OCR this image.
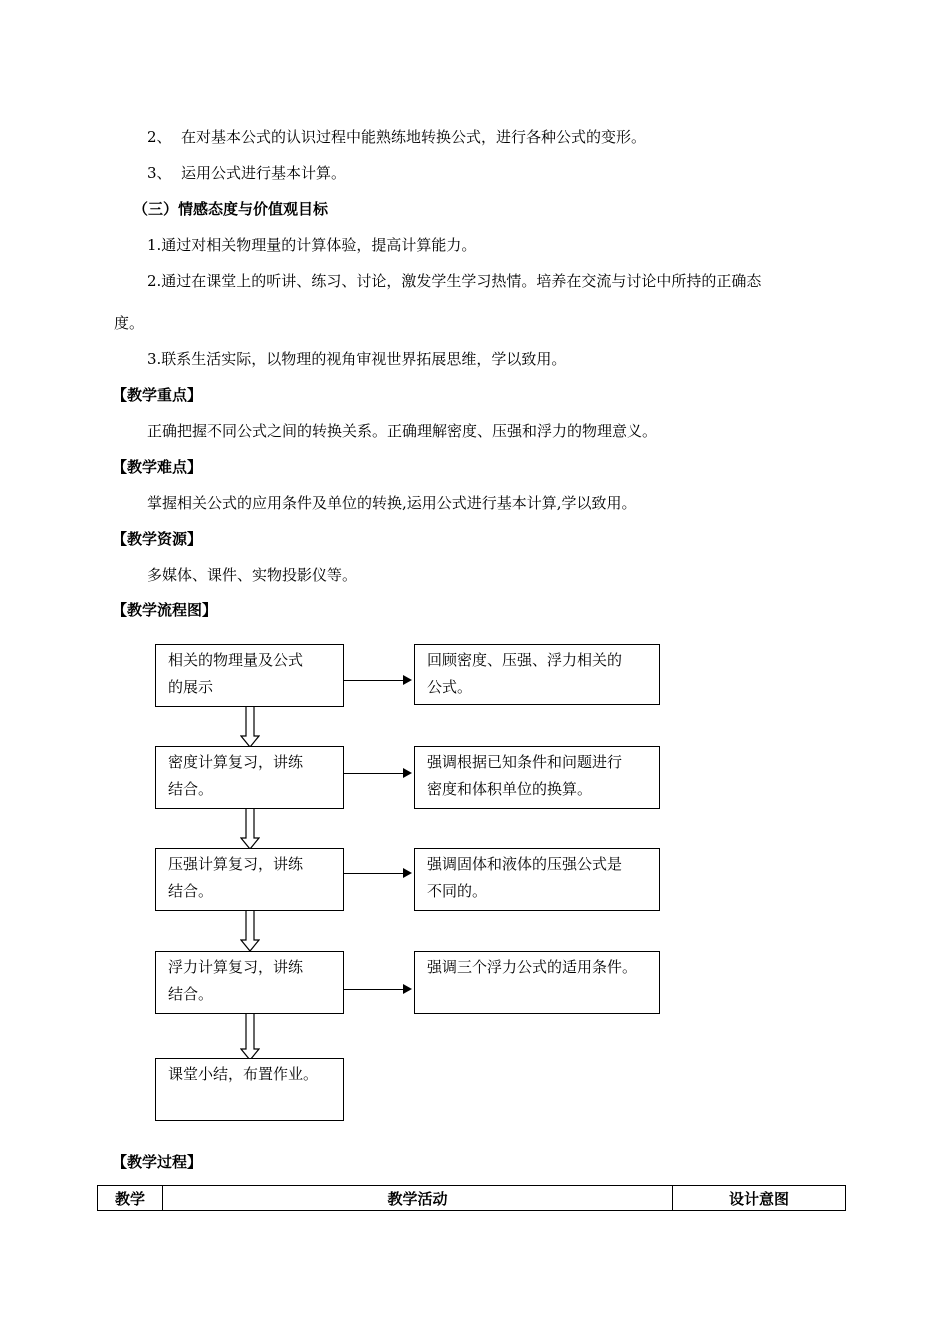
2、 在对基本公式的认识过程中能熟练地转换公式，进行各种公式的变形。
3、 运用公式进行基本计算。
（三）情感态度与价值观目标
1.通过对相关物理量的计算体验，提高计算能力。
2.通过在课堂上的听讲、练习、讨论，激发学生学习热情。培养在交流与讨论中所持的正确态
度。
3.联系生活实际，以物理的视角审视世界拓展思维，学以致用。
【教学重点】
正确把握不同公式之间的转换关系。正确理解密度、压强和浮力的物理意义。
【教学难点】
掌握相关公式的应用条件及单位的转换,运用公式进行基本计算,学以致用。
【教学资源】
多媒体、课件、实物投影仪等。
【教学流程图】
相关的物理量及公式
的展示
密度计算复习，讲练
结合。
压强计算复习，讲练
结合。
浮力计算复习，讲练
结合。
课堂小结，布置作业。
回顾密度、压强、浮力相关的
公式。
强调根据已知条件和问题进行
密度和体积单位的换算。
强调固体和液体的压强公式是
不同的。
强调三个浮力公式的适用条件。
【教学过程】
教学	教学活动	设计意图
